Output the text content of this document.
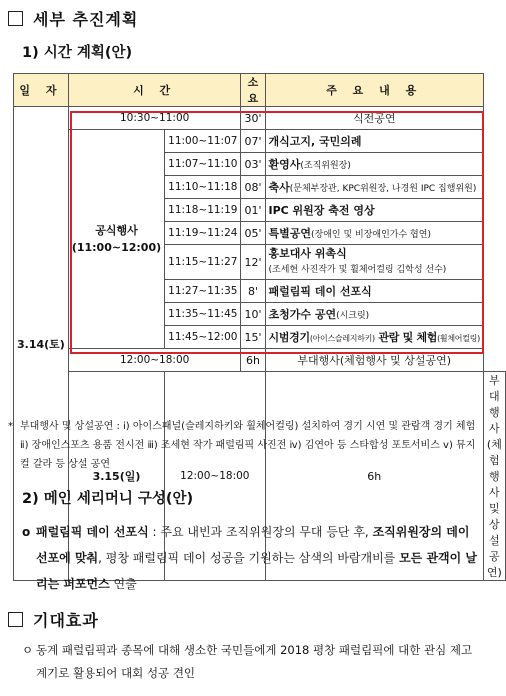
세부 추진계획
1) 시간 계획(안)
일 자	시 간		소요	주 요 내 용	
3.14(토)	10:30~11:00		30'	식전공연	

	공식행사
(11:00~12:00)	11:00~11:07	07'	개식고지, 국민의례	
		11:07~11:10	03'	환영사(조직위원장)	
		11:10~11:18	08'	축사(문체부장관, KPC위원장, 나경원 IPC 집행위원)	
		11:18~11:19	01'	IPC 위원장 축전 영상	
		11:19~11:24	05'	특별공연(장애인 및 비장애인가수 협연)	
		11:15~11:27	12'	홍보대사 위촉식
(조세현 사진작가 및 휠체어컬링 김학성 선수)	
		11:27~11:35	8'	패럴림픽 데이 선포식	
		11:35~11:45	10'	초청가수 공연(시크릿)	
		11:45~12:00	15'	시범경기(아이스슬레지하키) 관람 및 체험(휠체어컬링)	
	12:00~18:00		6h	부대행사(체험행사 및 상설공연)	
	3.15(일)	12:00~18:00		6h	부대행사(체험행사 및 상설공연)
* 부대행사 및 상설공연 : ⅰ) 아이스패널(슬레지하키와 휠체어컬링) 설치하여 경기 시연 및 관람객 경기 체험 ⅱ) 장애인스포츠 용품 전시전 ⅲ) 조세현 작가 패럴림픽 사진전 ⅳ) 김연아 등 스타합성 포토서비스 ⅴ) 뮤지컬 갈라 등 상설 공연
2) 메인 세리머니 구성(안)
o 패럴림픽 데이 선포식 : 주요 내빈과 조직위원장의 무대 등단 후, 조직위원장의 데이 선포에 맞춰, 평창 패럴림픽 데이 성공을 기원하는 삼색의 바람개비를 모든 관객이 날리는 퍼포먼스 연출
기대효과
ㅇ 동계 패럴림픽과 종목에 대해 생소한 국민들에게 2018 평창 패럴림픽에 대한 관심 제고 계기로 활용되어 대회 성공 견인
